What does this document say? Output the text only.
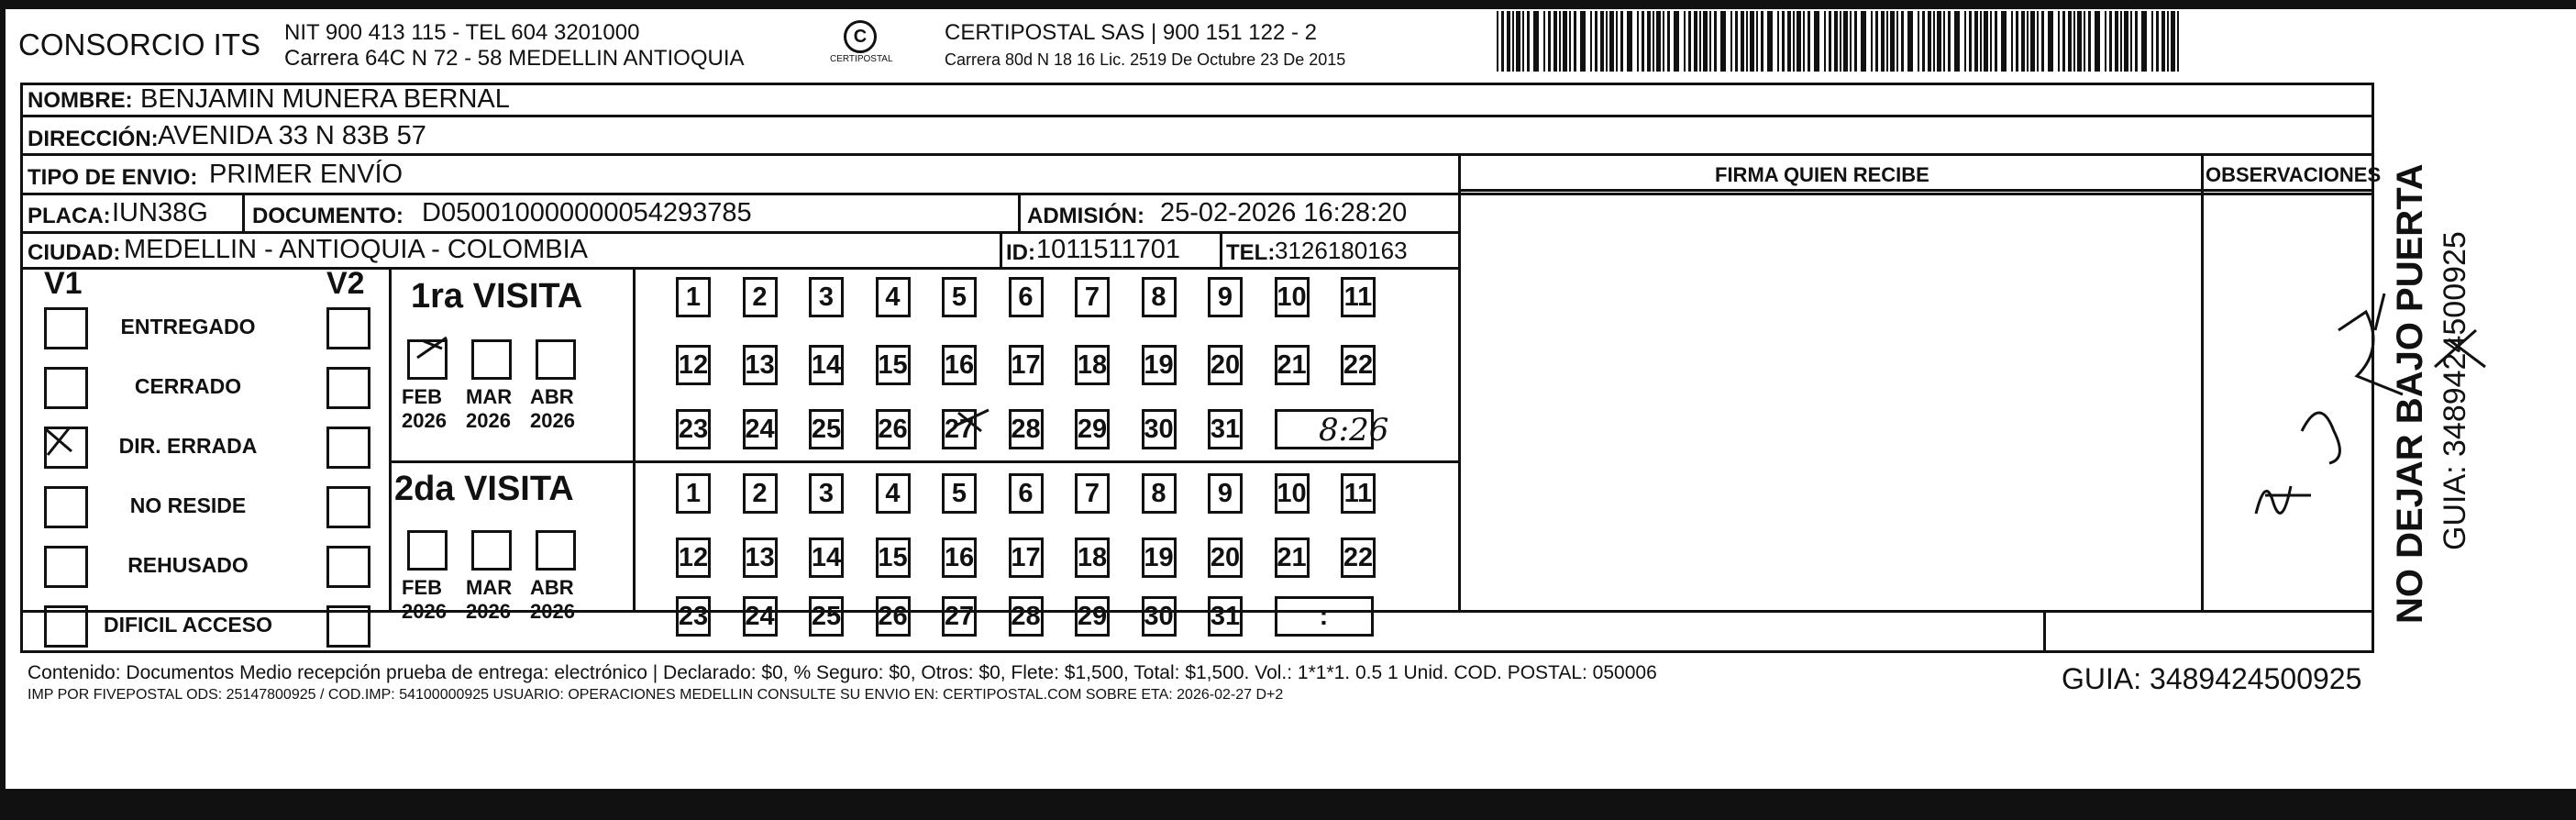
CONSORCIO ITS NIT 900 413 115 - TEL 604 3201000
Carrera 64C N 72 - 58 MEDELLIN ANTIOQUIA
C
CERTIPOSTAL
CERTIPOSTAL SAS | 900 151 122 - 2
Carrera 80d N 18 16 Lic. 2519 De Octubre 23 De 2015
NOMBRE: BENJAMIN MUNERA BERNAL
DIRECCIÓN: AVENIDA 33 N 83B 57
TIPO DE ENVIO: PRIMER ENVÍO
PLACA: IUN38G DOCUMENTO: D050010000000054293785	ADMISIÓN: 25-02-2026 16:28:20
CIUDAD: MEDELLIN - ANTIOQUIA - COLOMBIA	ID: 1011511701 TEL: 3126180163
FIRMA QUIEN RECIBE	OBSERVACIONES
V1	V2
ENTREGADO
CERRADO
DIR. ERRADA
NO RESIDE
REHUSADO
DIFICIL ACCESO
1ra VISITA
2da VISITA
FEB
2026
MAR
2026
ABR
2026
FEB
2026
MAR
2026
ABR
2026
1	2	3	4	5	6	7	8	9	10 11
12 13 14 15 16 17 18 19 20 21 22
23 24 25 26 27 28 29 30 31
1	2	3	4	5	6	7	8	9	10 11
12 13 14 15 16 17 18 19 20 21 22
23 24 25 26 27 28 29 30 31	:
8:26
Contenido: Documentos Medio recepción prueba de entrega: electrónico | Declarado: $0, % Seguro: $0, Otros: $0, Flete: $1,500, Total: $1,500. Vol.: 1*1*1. 0.5 1 Unid. COD. POSTAL: 050006
IMP POR FIVEPOSTAL ODS: 25147800925 / COD.IMP: 54100000925 USUARIO: OPERACIONES MEDELLIN CONSULTE SU ENVIO EN: CERTIPOSTAL.COM SOBRE ETA: 2026-02-27 D+2	GUIA: 3489424500925
NO DEJAR BAJO PUERTA GUIA: 3489424500925
